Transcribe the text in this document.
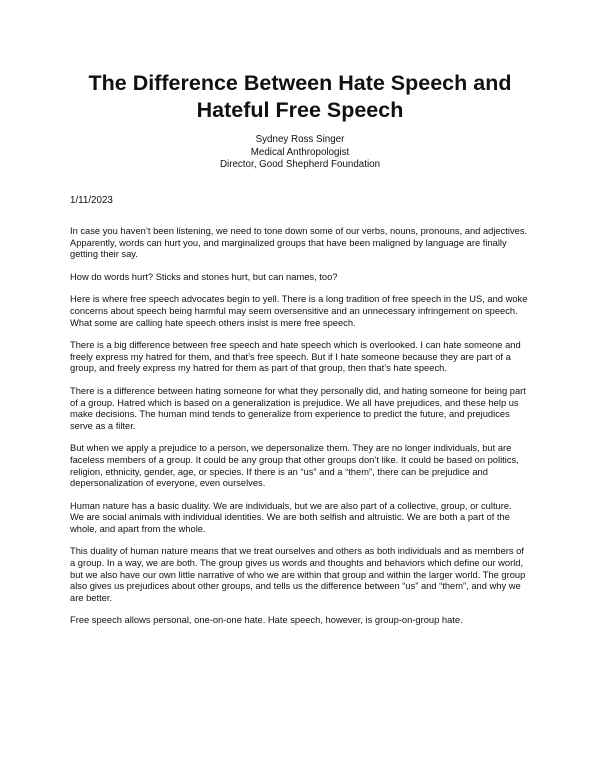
The Difference Between Hate Speech and Hateful Free Speech
Sydney Ross Singer
Medical Anthropologist
Director, Good Shepherd Foundation
1/11/2023

In case you haven’t been listening, we need to tone down some of our verbs, nouns, pronouns, and adjectives. Apparently, words can hurt you, and marginalized groups that have been maligned by language are finally getting their say.

How do words hurt? Sticks and stones hurt, but can names, too?

Here is where free speech advocates begin to yell. There is a long tradition of free speech in the US, and woke concerns about speech being harmful may seem oversensitive and an unnecessary infringement on speech. What some are calling hate speech others insist is mere free speech.

There is a big difference between free speech and hate speech which is overlooked. I can hate someone and freely express my hatred for them, and that’s free speech. But if I hate someone because they are part of a group, and freely express my hatred for them as part of that group, then that’s hate speech.

There is a difference between hating someone for what they personally did, and hating someone for being part of a group. Hatred which is based on a generalization is prejudice. We all have prejudices, and these help us make decisions. The human mind tends to generalize from experience to predict the future, and prejudices serve as a filter.

But when we apply a prejudice to a person, we depersonalize them. They are no longer individuals, but are faceless members of a group. It could be any group that other groups don’t like. It could be based on politics, religion, ethnicity, gender, age, or species. If there is an “us” and a “them”, there can be prejudice and depersonalization of everyone, even ourselves.

Human nature has a basic duality. We are individuals, but we are also part of a collective, group, or culture. We are social animals with individual identities. We are both selfish and altruistic. We are both a part of the whole, and apart from the whole.

This duality of human nature means that we treat ourselves and others as both individuals and as members of a group. In a way, we are both. The group gives us words and thoughts and behaviors which define our world, but we also have our own little narrative of who we are within that group and within the larger world. The group also gives us prejudices about other groups, and tells us the difference between “us” and “them”, and why we are better.

Free speech allows personal, one-on-one hate. Hate speech, however, is group-on-group hate.
